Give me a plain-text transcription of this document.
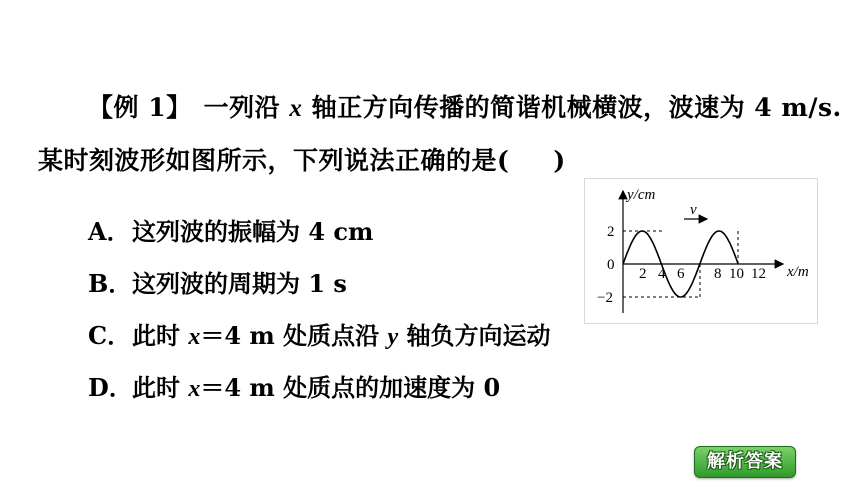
【例 1】 一列沿 x 轴正方向传播的简谐机械横波，波速为 4 m/s.
某时刻波形如图所示，下列说法正确的是( )
A．这列波的振幅为 4 cm
B．这列波的周期为 1 s
C．此时 x＝4 m 处质点沿 y 轴负方向运动
D．此时 x＝4 m 处质点的加速度为 0
v
y/cm
x/m
2
0
−2
2 4 6 8 10 12
解析答案
